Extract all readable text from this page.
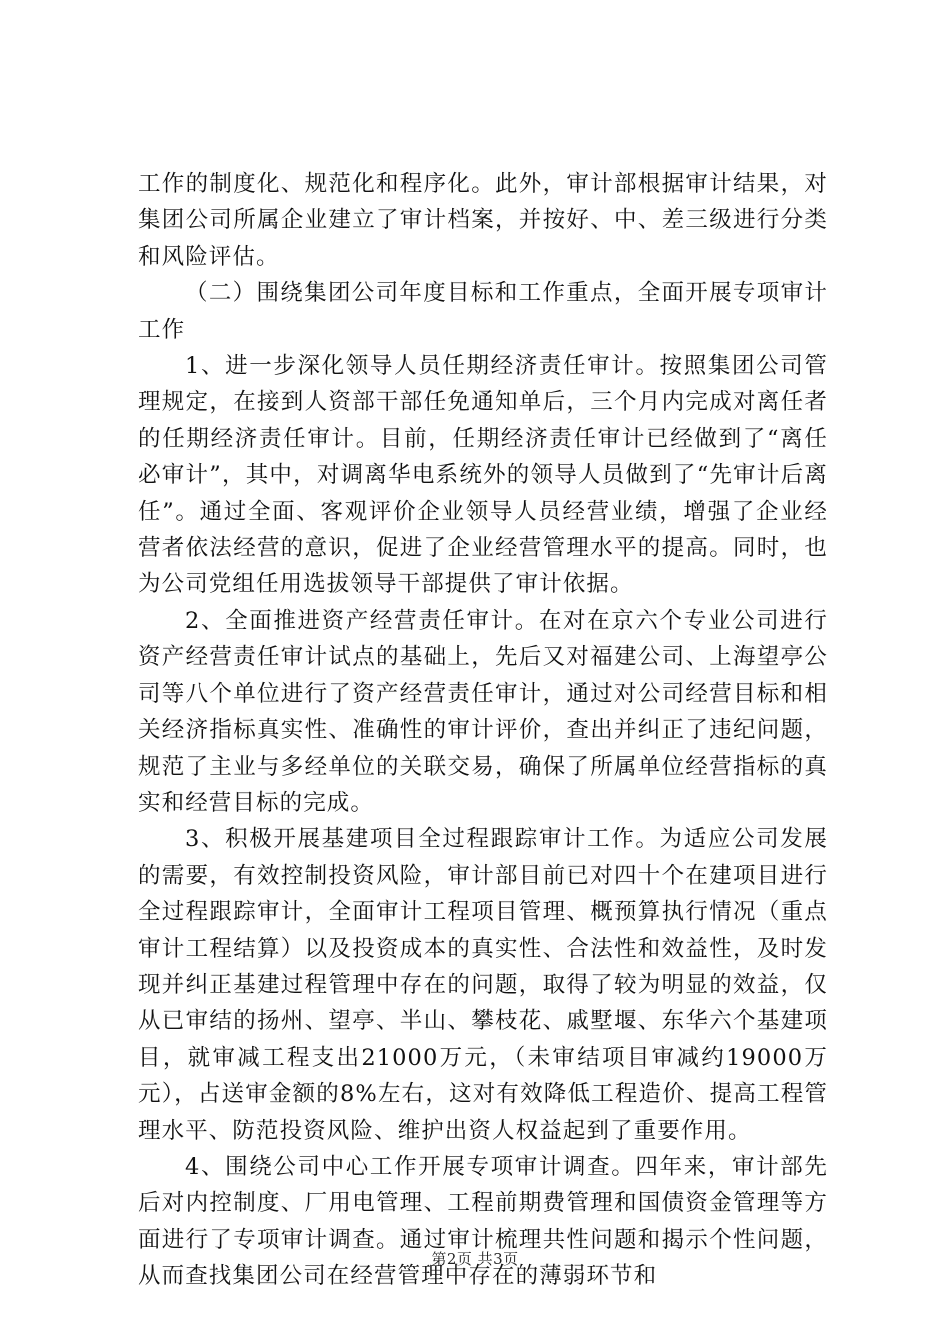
工作的制度化、规范化和程序化。此外，审计部根据审计结果，对集团公司所属企业建立了审计档案，并按好、中、差三级进行分类和风险评估。

（二）围绕集团公司年度目标和工作重点，全面开展专项审计工作

1、进一步深化领导人员任期经济责任审计。按照集团公司管理规定，在接到人资部干部任免通知单后，三个月内完成对离任者的任期经济责任审计。目前，任期经济责任审计已经做到了“离任必审计”，其中，对调离华电系统外的领导人员做到了“先审计后离任”。通过全面、客观评价企业领导人员经营业绩，增强了企业经营者依法经营的意识，促进了企业经营管理水平的提高。同时，也为公司党组任用选拔领导干部提供了审计依据。

2、全面推进资产经营责任审计。在对在京六个专业公司进行资产经营责任审计试点的基础上，先后又对福建公司、上海望亭公司等八个单位进行了资产经营责任审计，通过对公司经营目标和相关经济指标真实性、准确性的审计评价，查出并纠正了违纪问题，规范了主业与多经单位的关联交易，确保了所属单位经营指标的真实和经营目标的完成。

3、积极开展基建项目全过程跟踪审计工作。为适应公司发展的需要，有效控制投资风险，审计部目前已对四十个在建项目进行全过程跟踪审计，全面审计工程项目管理、概预算执行情况（重点审计工程结算）以及投资成本的真实性、合法性和效益性，及时发现并纠正基建过程管理中存在的问题，取得了较为明显的效益，仅从已审结的扬州、望亭、半山、攀枝花、戚墅堰、东华六个基建项目，就审减工程支出21000万元，（未审结项目审减约19000万元），占送审金额的8%左右，这对有效降低工程造价、提高工程管理水平、防范投资风险、维护出资人权益起到了重要作用。

4、围绕公司中心工作开展专项审计调查。四年来，审计部先后对内控制度、厂用电管理、工程前期费管理和国债资金管理等方面进行了专项审计调查。通过审计梳理共性问题和揭示个性问题，从而查找集团公司在经营管理中存在的薄弱环节和

第2页 共3页
